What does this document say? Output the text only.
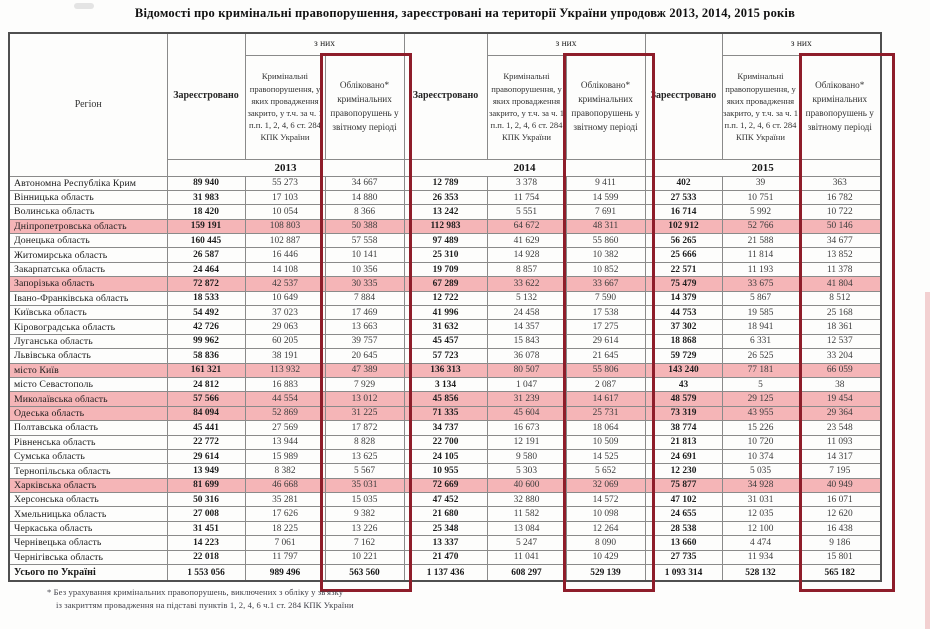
Відомості про кримінальні правопорушення, зареєстровані на території України упродовж 2013, 2014, 2015 років
Регіон	Зареєстровано	з них		Зареєстровано	з них		Зареєстровано	з них	
		Кримінальні правопорушення, у яких провадження закрито, у т.ч. за ч. 1 п.п. 1, 2, 4, 6 ст. 284 КПК України	Обліковано* кримінальних правопорушень у звітному періоді		Кримінальні правопорушення, у яких провадження закрито, у т.ч. за ч. 1 п.п. 1, 2, 4, 6 ст. 284 КПК України	Обліковано* кримінальних правопорушень у звітному періоді		Кримінальні правопорушення, у яких провадження закрито, у т.ч. за ч. 1 п.п. 1, 2, 4, 6 ст. 284 КПК України	Обліковано* кримінальних правопорушень у звітному періоді
	2013			2014			2015		
Автономна Республіка Крим	89 940	55 273	34 667	12 789	3 378	9 411	402	39	363
Вінницька область	31 983	17 103	14 880	26 353	11 754	14 599	27 533	10 751	16 782
Волинська область	18 420	10 054	8 366	13 242	5 551	7 691	16 714	5 992	10 722
Дніпропетровська область	159 191	108 803	50 388	112 983	64 672	48 311	102 912	52 766	50 146
Донецька область	160 445	102 887	57 558	97 489	41 629	55 860	56 265	21 588	34 677
Житомирська область	26 587	16 446	10 141	25 310	14 928	10 382	25 666	11 814	13 852
Закарпатська область	24 464	14 108	10 356	19 709	8 857	10 852	22 571	11 193	11 378
Запорізька область	72 872	42 537	30 335	67 289	33 622	33 667	75 479	33 675	41 804
Івано-Франківська область	18 533	10 649	7 884	12 722	5 132	7 590	14 379	5 867	8 512
Київська область	54 492	37 023	17 469	41 996	24 458	17 538	44 753	19 585	25 168
Кіровоградська область	42 726	29 063	13 663	31 632	14 357	17 275	37 302	18 941	18 361
Луганська область	99 962	60 205	39 757	45 457	15 843	29 614	18 868	6 331	12 537
Львівська область	58 836	38 191	20 645	57 723	36 078	21 645	59 729	26 525	33 204
місто Київ	161 321	113 932	47 389	136 313	80 507	55 806	143 240	77 181	66 059
місто Севастополь	24 812	16 883	7 929	3 134	1 047	2 087	43	5	38
Миколаївська область	57 566	44 554	13 012	45 856	31 239	14 617	48 579	29 125	19 454
Одеська область	84 094	52 869	31 225	71 335	45 604	25 731	73 319	43 955	29 364
Полтавська область	45 441	27 569	17 872	34 737	16 673	18 064	38 774	15 226	23 548
Рівненська область	22 772	13 944	8 828	22 700	12 191	10 509	21 813	10 720	11 093
Сумська область	29 614	15 989	13 625	24 105	9 580	14 525	24 691	10 374	14 317
Тернопільська область	13 949	8 382	5 567	10 955	5 303	5 652	12 230	5 035	7 195
Харківська область	81 699	46 668	35 031	72 669	40 600	32 069	75 877	34 928	40 949
Херсонська область	50 316	35 281	15 035	47 452	32 880	14 572	47 102	31 031	16 071
Хмельницька область	27 008	17 626	9 382	21 680	11 582	10 098	24 655	12 035	12 620
Черкаська область	31 451	18 225	13 226	25 348	13 084	12 264	28 538	12 100	16 438
Чернівецька область	14 223	7 061	7 162	13 337	5 247	8 090	13 660	4 474	9 186
Чернігівська область	22 018	11 797	10 221	21 470	11 041	10 429	27 735	11 934	15 801
Усього по Україні	1 553 056	989 496	563 560	1 137 436	608 297	529 139	1 093 314	528 132	565 182
* Без урахування кримінальних правопорушень, виключених з обліку у зв'язку
із закриттям провадження на підставі пунктів 1, 2, 4, 6 ч.1 ст. 284 КПК України
